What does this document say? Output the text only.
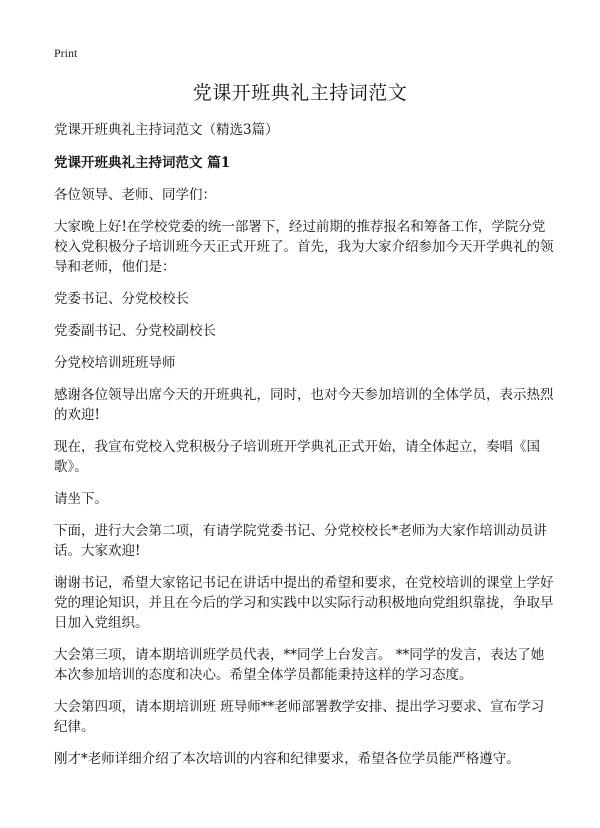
Print
党课开班典礼主持词范文

党课开班典礼主持词范文（精选3篇）

党课开班典礼主持词范文 篇1

各位领导、老师、同学们：

大家晚上好!在学校党委的统一部署下，经过前期的推荐报名和筹备工作，学院分党校入党积极分子培训班今天正式开班了。首先，我为大家介绍参加今天开学典礼的领导和老师，他们是：

党委书记、分党校校长

党委副书记、分党校副校长

分党校培训班班导师

感谢各位领导出席今天的开班典礼，同时，也对今天参加培训的全体学员，表示热烈的欢迎!

现在，我宣布党校入党积极分子培训班开学典礼正式开始，请全体起立，奏唱《国歌》。

请坐下。

下面，进行大会第二项，有请学院党委书记、分党校校长*老师为大家作培训动员讲话。大家欢迎!

谢谢书记，希望大家铭记书记在讲话中提出的希望和要求，在党校培训的课堂上学好党的理论知识，并且在今后的学习和实践中以实际行动积极地向党组织靠拢，争取早日加入党组织。

大会第三项，请本期培训班学员代表，**同学上台发言。 **同学的发言，表达了她本次参加培训的态度和决心。希望全体学员都能秉持这样的学习态度。

大会第四项，请本期培训班 班导师**老师部署教学安排、提出学习要求、宣布学习纪律。

刚才*老师详细介绍了本次培训的内容和纪律要求，希望各位学员能严格遵守。
